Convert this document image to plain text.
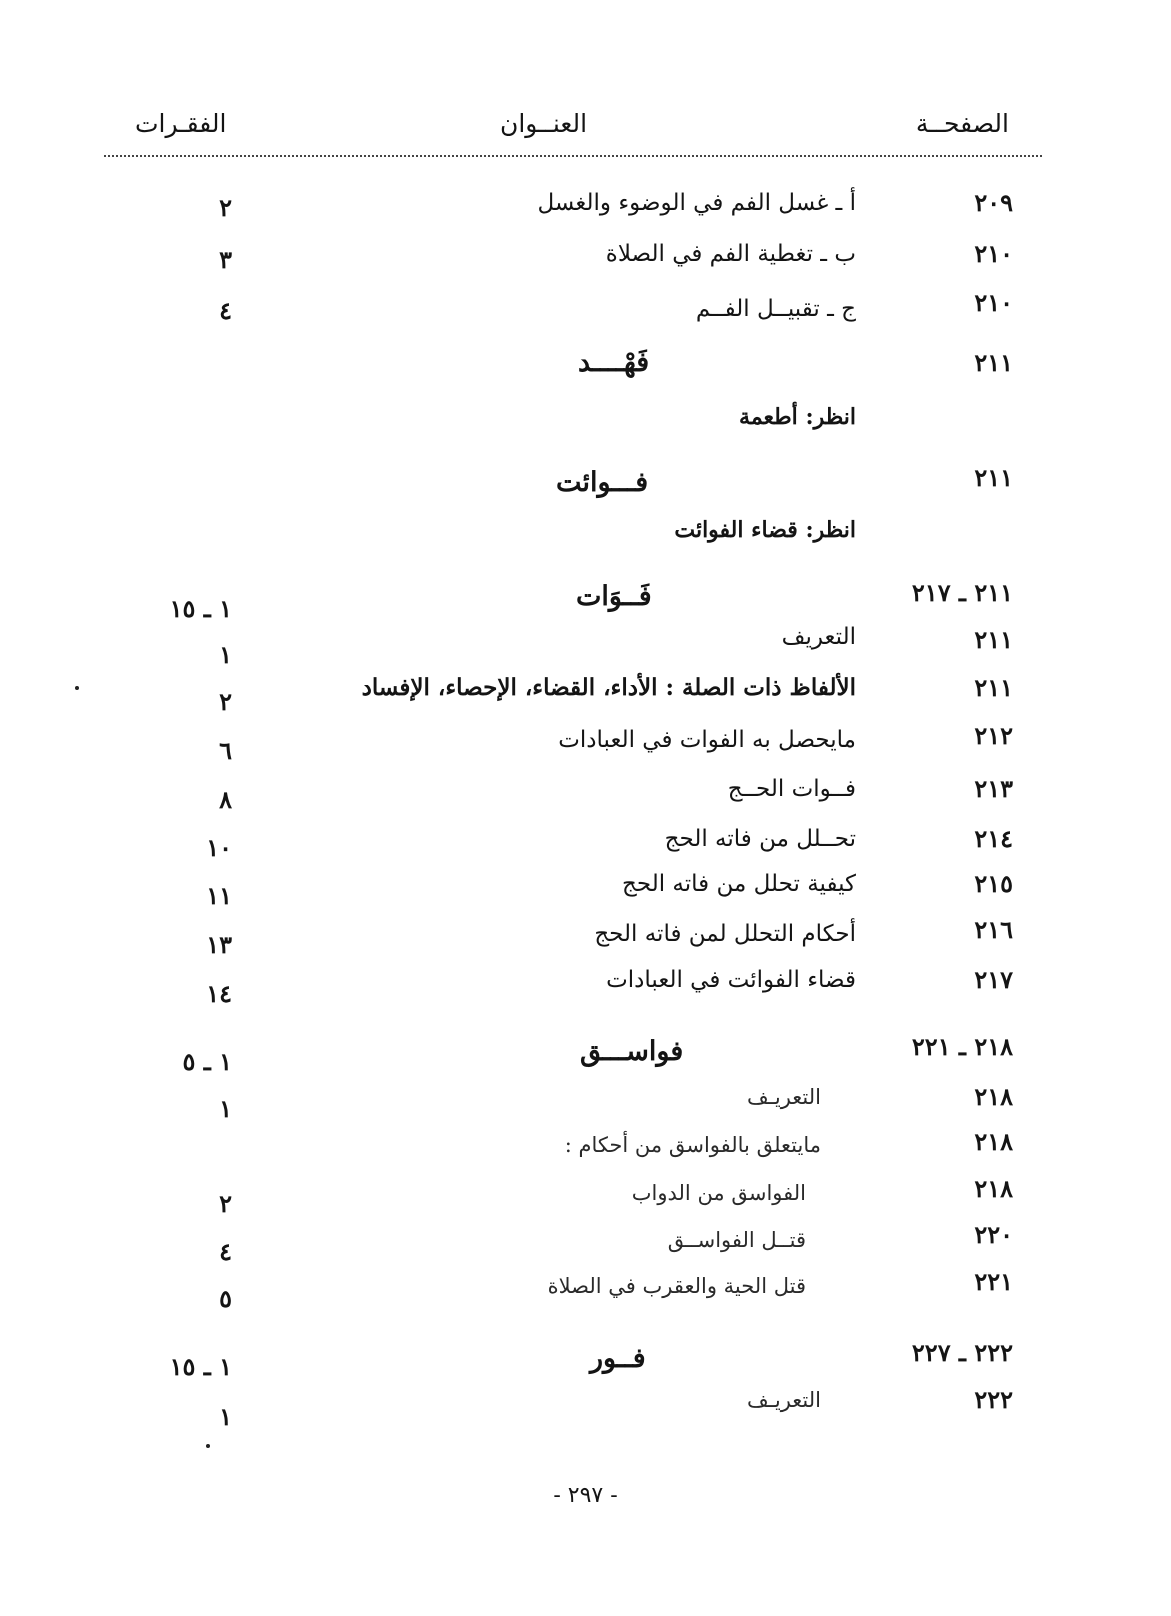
الصفحــة
العنــوان
الفقـرات
٢٠٩
أ ـ غسل الفم في الوضوء والغسل
٢
٢١٠
ب ـ تغطية الفم في الصلاة
٣
٢١٠
ج ـ تقبيــل الفــم
٤
٢١١
فَهْــــد
انظر: أطعمة
٢١١
فـــوائت
انظر: قضاء الفوائت
٢١١ ـ ٢١٧
فَــوَات
١ ـ ١٥
٢١١
التعريف
١
٢١١
الألفاظ ذات الصلة : الأداء، القضاء، الإحصاء، الإفساد
٢
٢١٢
مايحصل به الفوات في العبادات
٦
٢١٣
فــوات الحــج
٨
٢١٤
تحــلل من فاته الحج
١٠
٢١٥
كيفية تحلل من فاته الحج
١١
٢١٦
أحكام التحلل لمن فاته الحج
١٣
٢١٧
قضاء الفوائت في العبادات
١٤
٢١٨ ـ ٢٢١
فواســـق
١ ـ ٥
٢١٨
التعريـف
١
٢١٨
مايتعلق بالفواسق من أحكام :
٢١٨
الفواسق من الدواب
٢
٢٢٠
قتــل الفواســق
٤
٢٢١
قتل الحية والعقرب في الصلاة
٥
٢٢٢ ـ ٢٢٧
فــور
١ ـ ١٥
٢٢٢
التعريـف
١
- ٢٩٧ -
